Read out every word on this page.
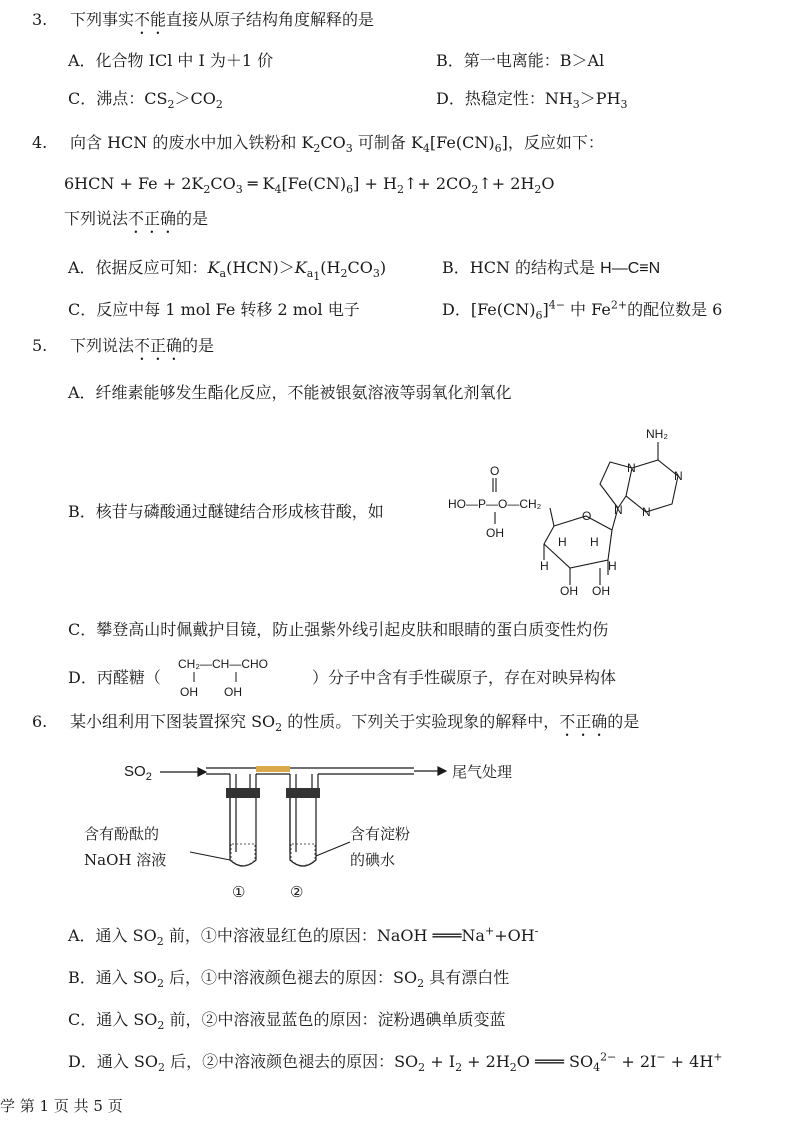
3. 下列事实不能直接从原子结构角度解释的是
A．化合物 ICl 中 I 为＋1 价	B．第一电离能：B＞Al
C．沸点：$CS_2>CO_2$	D．热稳定性：$NH_3>PH_3$
4. 向含 HCN 的废水中加入铁粉和 $K_2CO_3$ 可制备 $K_4[Fe(CN)_6]$，反应如下：
$6HCN + Fe + 2K_2CO_3$ ═ $K_4[Fe(CN)_6]$ + $H_2↑+$ $2CO_2↑+ 2H_2O$
下列说法不正确的是
A．依据反应可知：$K_a(HCN)>K_{a_1}(H_2CO_3)$	B．HCN 的结构式是 H—C≡N
C．反应中每 1 mol Fe 转移 2 mol 电子	D．$[Fe(CN)_6]^{4-}$ 中 $Fe^{2+}$的配位数是 6
5. 下列说法不正确的是
A．纤维素能够发生酯化反应，不能被银氨溶液等弱氧化剂氧化
B．核苷与磷酸通过醚键结合形成核苷酸，如
NH₂
N
N
N
N
O
O
HO—P—O—CH₂
OH
H
H H
H
OH OH
C．攀登高山时佩戴护目镜，防止强紫外线引起皮肤和眼睛的蛋白质变性灼伤
D．丙醛糖（
CH₂—CH—CHO
OH OH
）分子中含有手性碳原子，存在对映异构体
6. 某小组利用下图装置探究 $SO_2$ 的性质。下列关于实验现象的解释中，不正确的是
$SO_2$	尾气处理
含有酚酞的
NaOH 溶液
含有淀粉
的碘水
①	②
A．通入 $SO_2$ 前，①中溶液显红色的原因：NaOH ═══Na++OH-
B．通入 $SO_2$ 后，①中溶液颜色褪去的原因：$SO_2$ 具有漂白性
C．通入 $SO_2$ 前，②中溶液显蓝色的原因：淀粉遇碘单质变蓝
D．通入 $SO_2$ 后，②中溶液颜色褪去的原因：$SO_2 + I_2 + 2H_2O$ ═══ $SO_4^{2-} + 2I^- + 4H^+$
学 第 1 页 共 5 页
